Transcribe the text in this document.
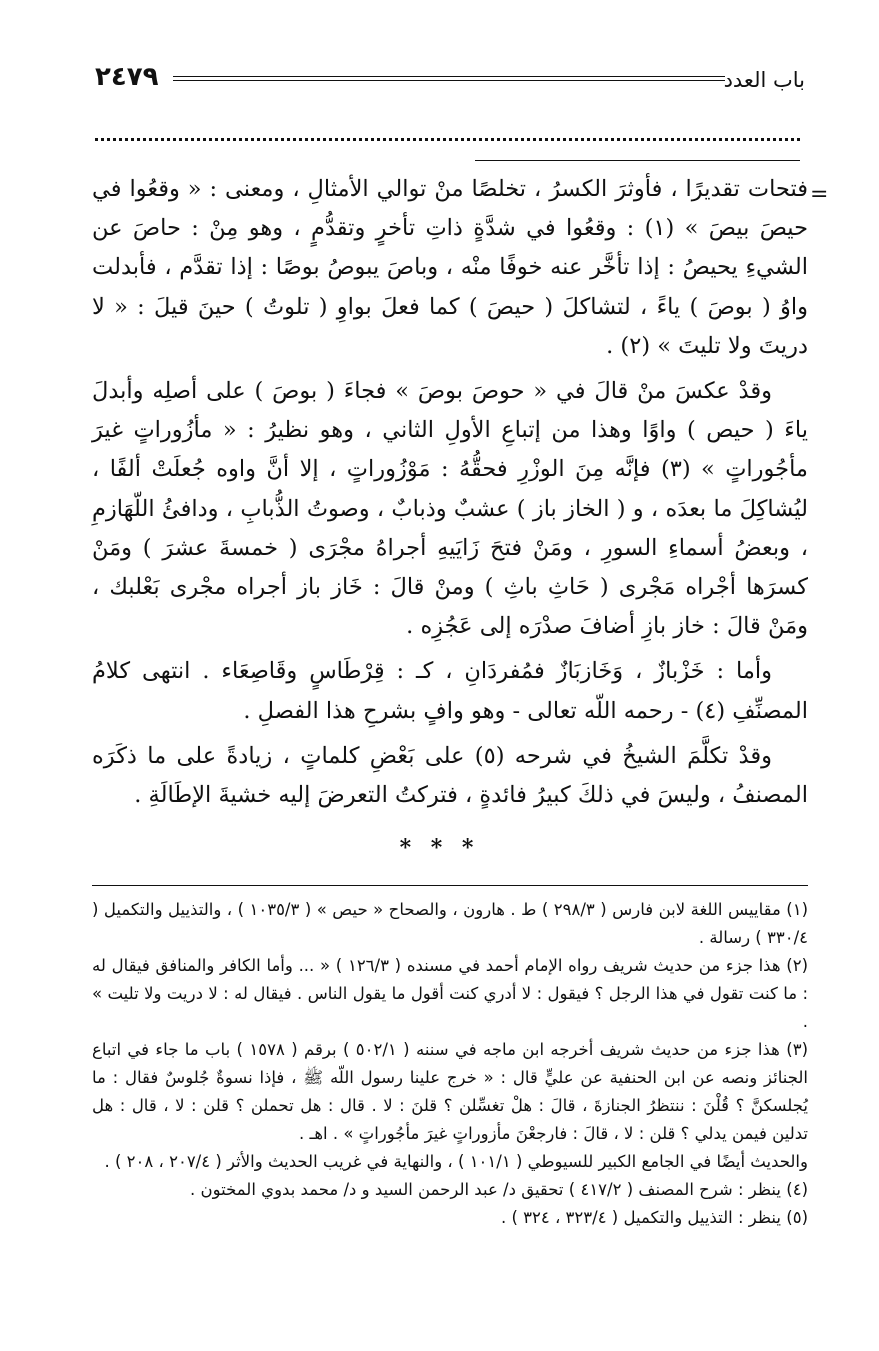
باب العدد
٢٤٧٩
=

فتحات تقديرًا ، فأوثرَ الكسرُ ، تخلصًا منْ توالي الأمثالِ ، ومعنى : « وقعُوا في حيصَ بيصَ » (١) : وقعُوا في شدَّةٍ ذاتِ تأخرٍ وتقدُّمٍ ، وهو مِنْ : حاصَ عن الشيءِ يحيصُ : إذا تأخَّر عنه خوفًا منْه ، وباصَ يبوصُ بوصًا : إذا تقدَّم ، فأبدلت واوُ ( بوصَ ) ياءً ، لتشاكلَ ( حيصَ ) كما فعلَ بواوِ ( تلوتُ ) حينَ قيلَ : « لا دريتَ ولا تليتَ » (٢) .

وقدْ عكسَ منْ قالَ في « حوصَ بوصَ » فجاءَ ( بوصَ ) على أصلِه وأبدلَ ياءَ ( حيص ) واوًا وهذا من إتباعِ الأولِ الثاني ، وهو نظيرُ : « مأزُوراتٍ غيرَ مأجُوراتٍ » (٣) فإنَّه مِنَ الوزْرِ فحقُّهُ : مَوْزُوراتٍ ، إلا أنَّ واوه جُعلَتْ ألفًا ، ليُشاكِلَ ما بعدَه ، و ( الخاز باز ) عشبٌ وذبابٌ ، وصوتُ الذُّبابِ ، ودافئُ اللّهَازمِ ، وبعضُ أسماءِ السورِ ، ومَنْ فتحَ زَايَيهِ أجراهُ مجْرَى ( خمسةَ عشرَ ) ومَنْ كسرَها أجْراه مَجْرى ( حَاثِ باثِ ) ومنْ قالَ : خَاز باز أجراه مجْرى بَعْلبك ، ومَنْ قالَ : خاز بازِ أضافَ صدْرَه إلى عَجُزِه .

وأما : خَزْبازٌ ، وَخَازبَازٌ فمُفردَانِ ، كـ : قِرْطَاسٍ وقَاصِعَاء . انتهى كلامُ المصنِّفِ (٤) - رحمه اللّه تعالى - وهو وافٍ بشرحِ هذا الفصلِ .

وقدْ تكلَّمَ الشيخُ في شرحه (٥) على بَعْضِ كلماتٍ ، زيادةً على ما ذكَرَه المصنفُ ، وليسَ في ذلكَ كبيرُ فائدةٍ ، فتركتُ التعرضَ إليه خشيةَ الإطَالَةِ .

* * *

(١) مقاييس اللغة لابن فارس ( ٢٩٨/٣ ) ط . هارون ، والصحاح « حيص » ( ١٠٣٥/٣ ) ، والتذييل والتكميل ( ٣٣٠/٤ ) رسالة .

(٢) هذا جزء من حديث شريف رواه الإمام أحمد في مسنده ( ١٢٦/٣ ) « ... وأما الكافر والمنافق فيقال له : ما كنت تقول في هذا الرجل ؟ فيقول : لا أدري كنت أقول ما يقول الناس . فيقال له : لا دريت ولا تليت » .

(٣) هذا جزء من حديث شريف أخرجه ابن ماجه في سننه ( ٥٠٢/١ ) برقم ( ١٥٧٨ ) باب ما جاء في اتباع الجنائز ونصه عن ابن الحنفية عن عليٍّ قال : « خرج علينا رسول اللّه ﷺ ، فإذا نسوةٌ جُلوسٌ فقال : ما يُجلسكنَّ ؟ قُلْنَ : ننتظرُ الجنازةَ ، قالَ : هلْ تغسِّلن ؟ قلنَ : لا . قال : هل تحملن ؟ قلن : لا ، قال : هل تدلين فيمن يدلي ؟ قلن : لا ، قالَ : فارجعْنَ مأزوراتٍ غيرَ مأجُوراتٍ » . اهـ .

والحديث أيضًا في الجامع الكبير للسيوطي ( ١٠١/١ ) ، والنهاية في غريب الحديث والأثر ( ٢٠٧/٤ ، ٢٠٨ ) .

(٤) ينظر : شرح المصنف ( ٤١٧/٢ ) تحقيق د/ عبد الرحمن السيد و د/ محمد بدوي المختون .

(٥) ينظر : التذييل والتكميل ( ٣٢٣/٤ ، ٣٢٤ ) .
